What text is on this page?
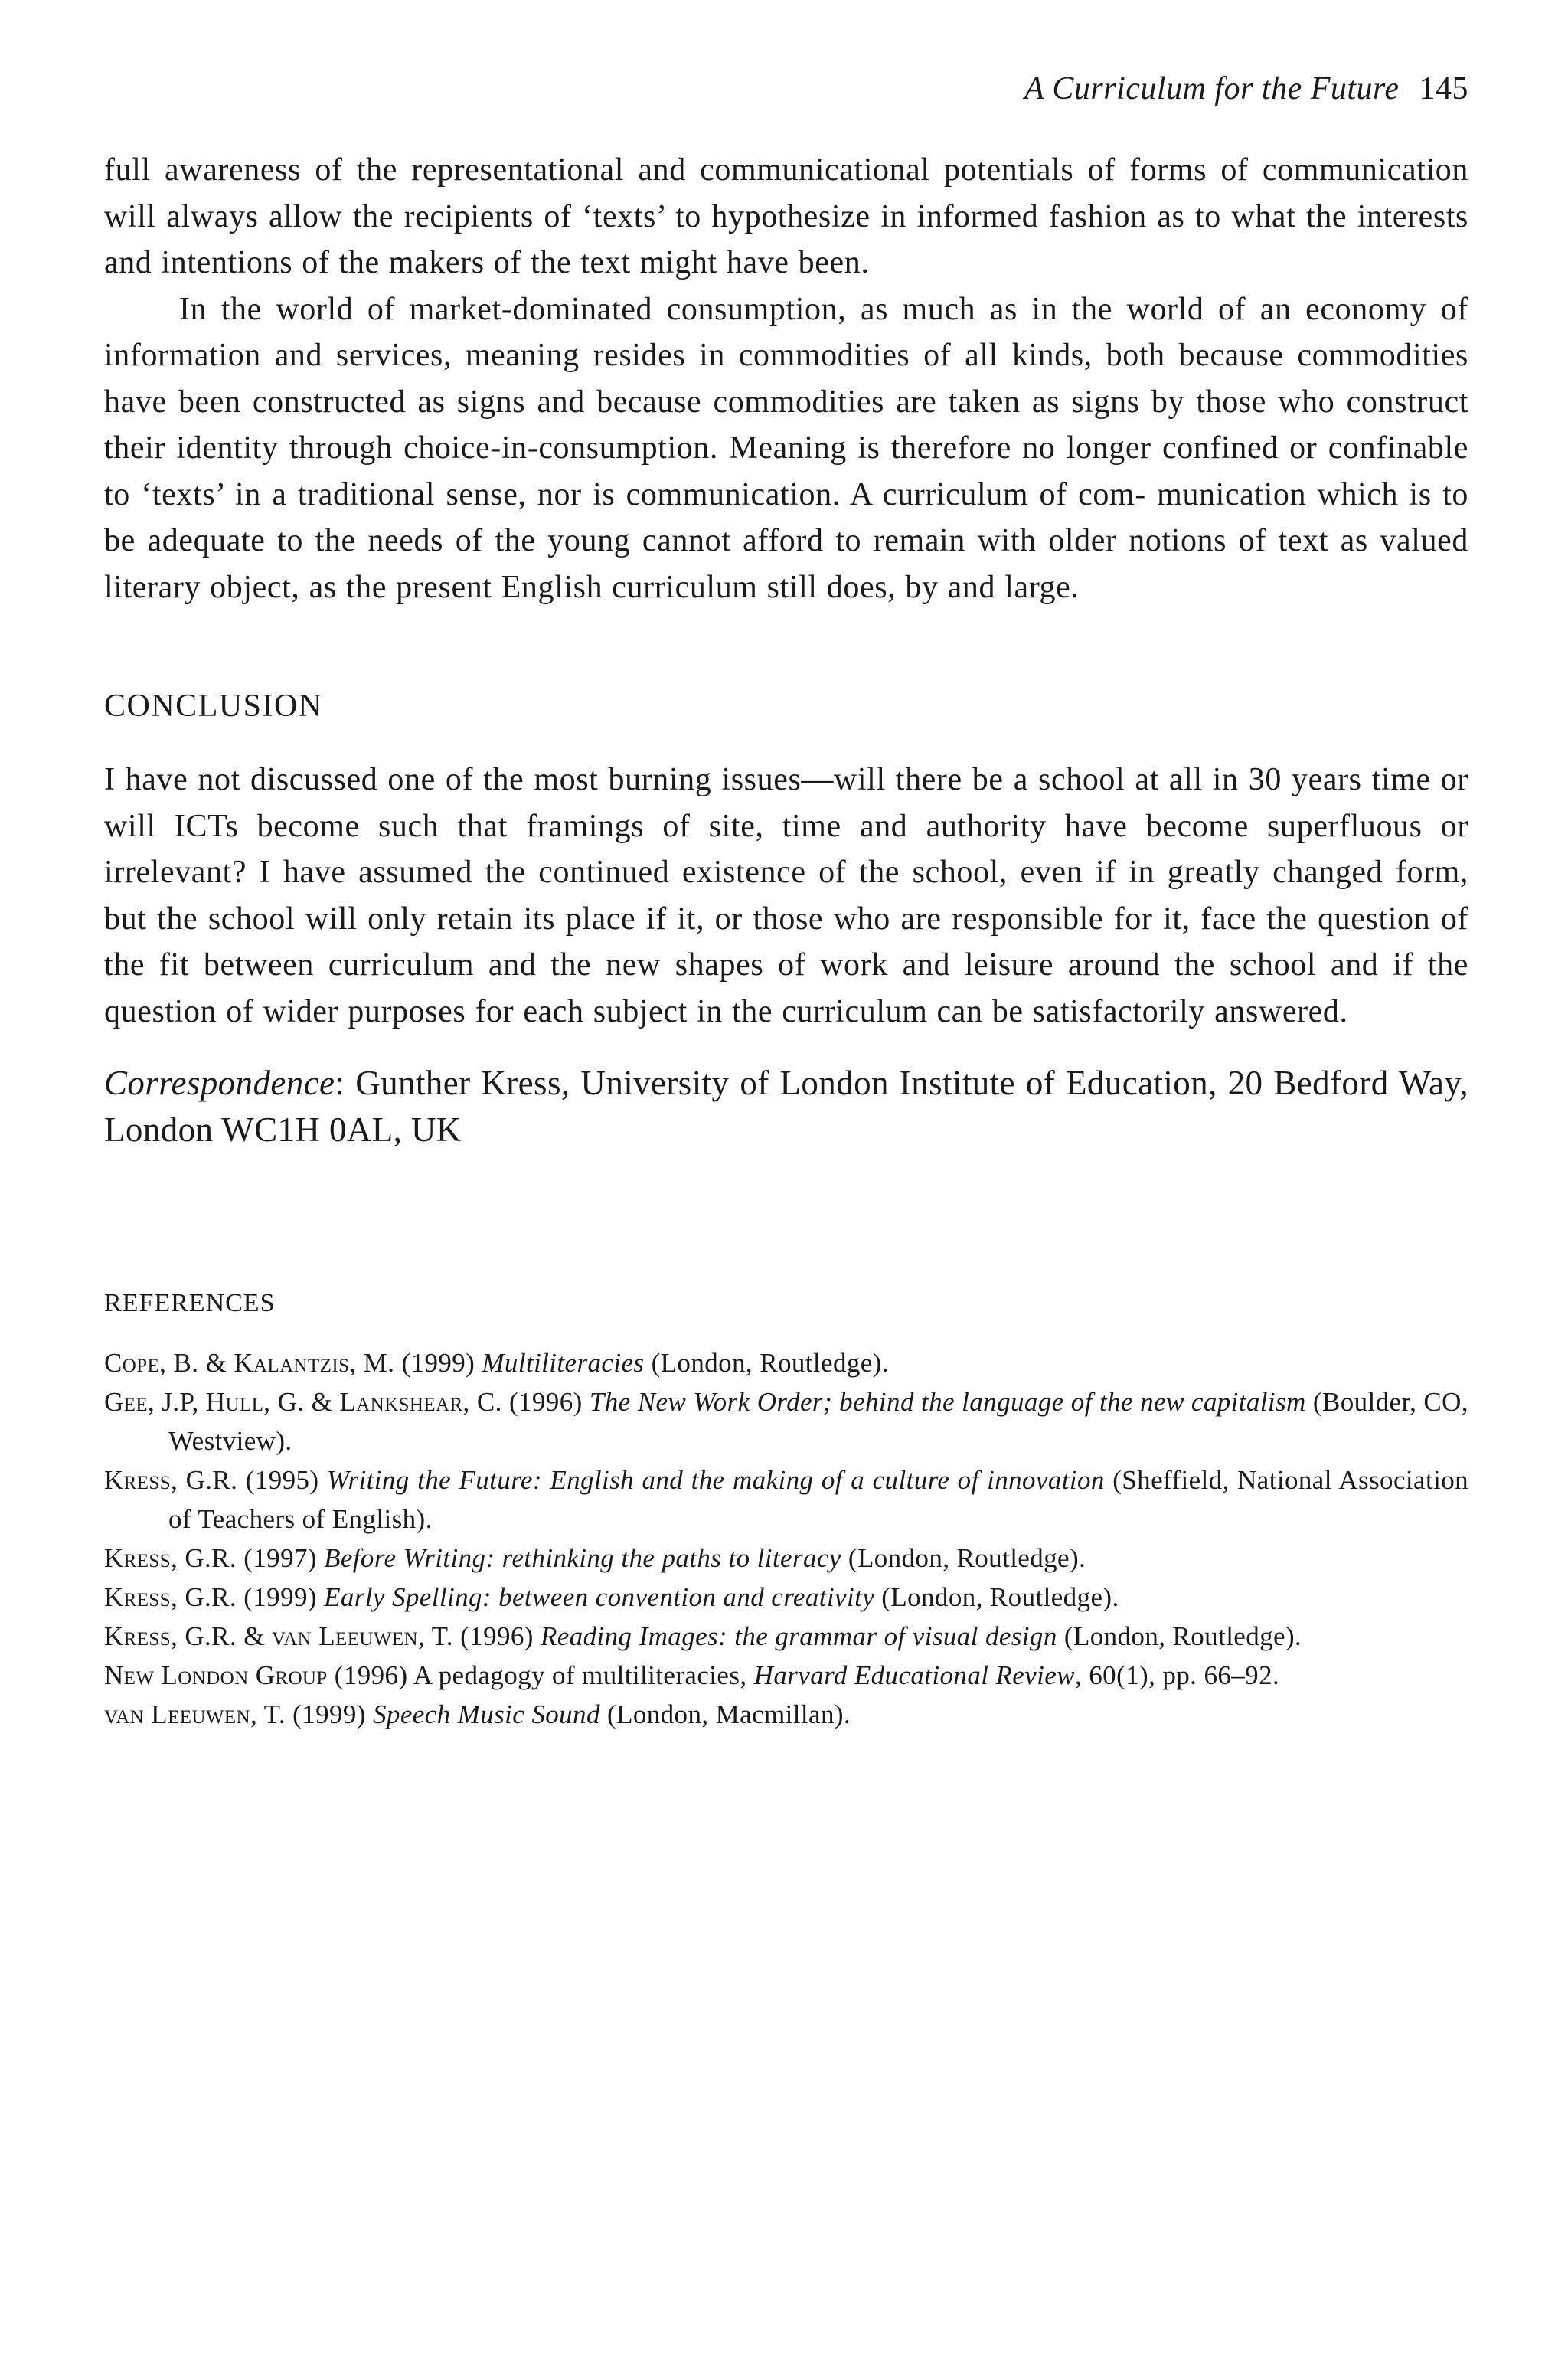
A Curriculum for the Future 145

full awareness of the representational and communicational potentials of forms of communication will always allow the recipients of ‘texts’ to hypothesize in informed fashion as to what the interests and intentions of the makers of the text might have been.

In the world of market-dominated consumption, as much as in the world of an economy of information and services, meaning resides in commodities of all kinds, both because commodities have been constructed as signs and because commodities are taken as signs by those who construct their identity through choice-in-consumption. Meaning is therefore no longer confined or confinable to ‘texts’ in a traditional sense, nor is communication. A curriculum of com- munication which is to be adequate to the needs of the young cannot afford to remain with older notions of text as valued literary object, as the present English curriculum still does, by and large.

CONCLUSION

I have not discussed one of the most burning issues—will there be a school at all in 30 years time or will ICTs become such that framings of site, time and authority have become superfluous or irrelevant? I have assumed the continued existence of the school, even if in greatly changed form, but the school will only retain its place if it, or those who are responsible for it, face the question of the fit between curriculum and the new shapes of work and leisure around the school and if the question of wider purposes for each subject in the curriculum can be satisfactorily answered.

Correspondence: Gunther Kress, University of London Institute of Education, 20 Bedford Way, London WC1H 0AL, UK
REFERENCES
Cope, B. & Kalantzis, M. (1999) Multiliteracies (London, Routledge).
Gee, J.P, Hull, G. & Lankshear, C. (1996) The New Work Order; behind the language of the new capitalism (Boulder, CO, Westview).
Kress, G.R. (1995) Writing the Future: English and the making of a culture of innovation (Sheffield, National Association of Teachers of English).
Kress, G.R. (1997) Before Writing: rethinking the paths to literacy (London, Routledge).
Kress, G.R. (1999) Early Spelling: between convention and creativity (London, Routledge).
Kress, G.R. & van Leeuwen, T. (1996) Reading Images: the grammar of visual design (London, Routledge).
New London Group (1996) A pedagogy of multiliteracies, Harvard Educational Review, 60(1), pp. 66–92.
van Leeuwen, T. (1999) Speech Music Sound (London, Macmillan).
